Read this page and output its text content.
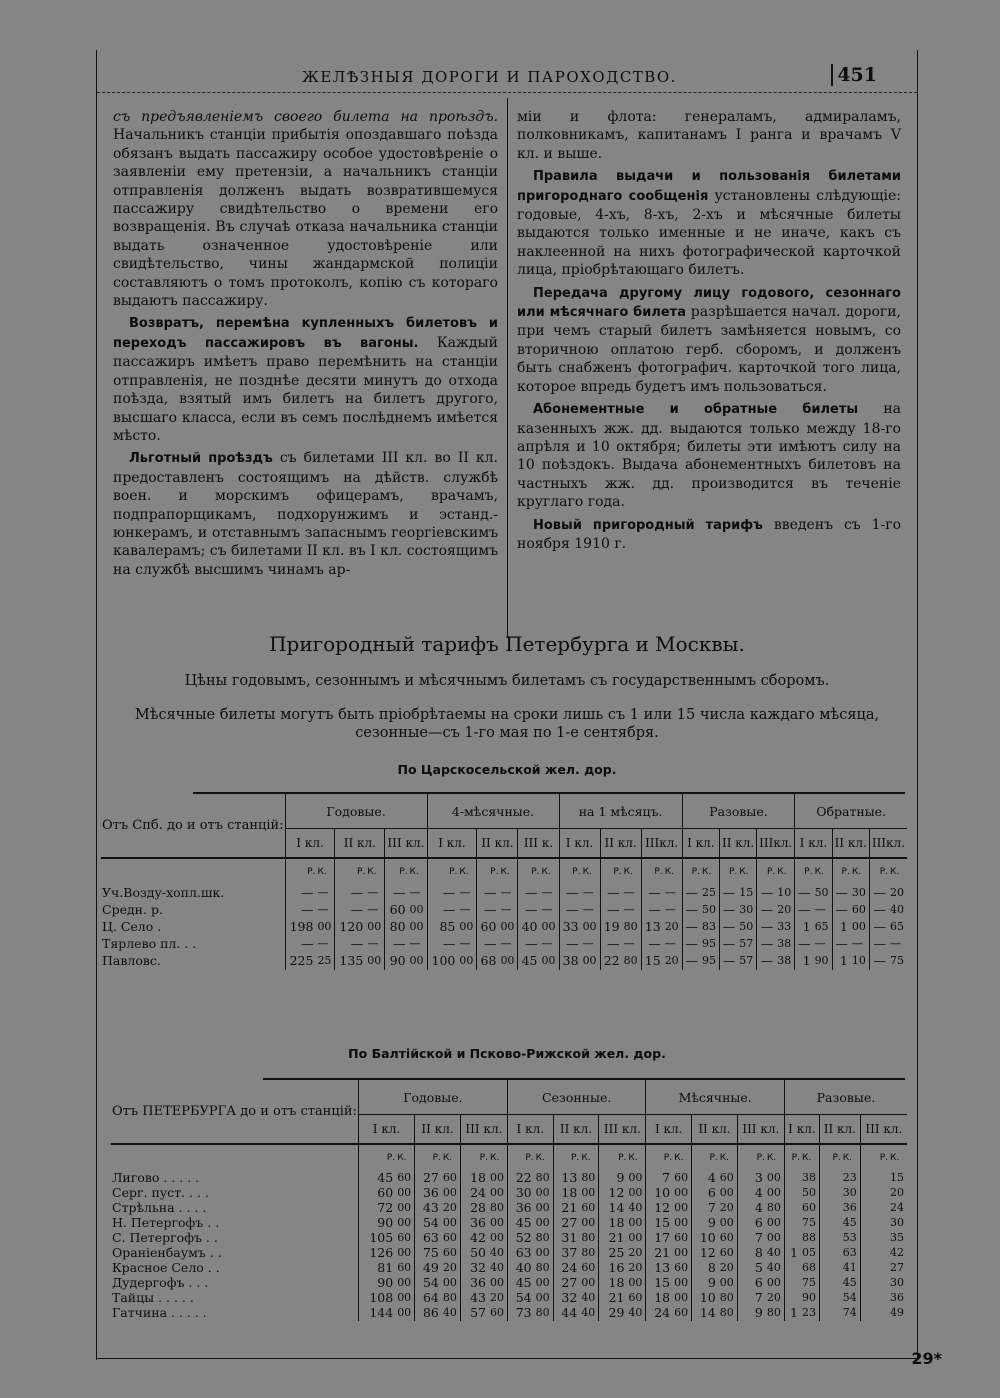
ЖЕЛѢЗНЫЯ ДОРОГИ И ПАРОХОДСТВО.	451

съ предъявленіемъ своего билета на проѣздъ. Начальникъ станціи прибытія опоздавшаго поѣзда обязанъ выдать пассажиру особое удостовѣреніе о заявленіи ему претензіи, а начальникъ станціи отправленія долженъ выдать возвратившемуся пассажиру свидѣтельство о времени его возвращенія. Въ случаѣ отказа начальника станціи выдать означенное удостовѣреніе или свидѣтельство, чины жандармской полиціи составляютъ о томъ протоколъ, копію съ котораго выдаютъ пассажиру.

Возвратъ, перемѣна купленныхъ билетовъ и переходъ пассажировъ въ вагоны. Каждый пассажиръ имѣетъ право перемѣнить на станціи отправленія, не позднѣе десяти минутъ до отхода поѣзда, взятый имъ билетъ на билетъ другого, высшаго класса, если въ семъ послѣднемъ имѣется мѣсто.

Льготный проѣздъ съ билетами III кл. во II кл. предоставленъ состоящимъ на дѣйств. службѣ воен. и морскимъ офицерамъ, врачамъ, подпрапорщикамъ, подхорунжимъ и эстанд.-юнкерамъ, и отставнымъ запаснымъ георгіевскимъ кавалерамъ; съ билетами II кл. въ I кл. состоящимъ на службѣ высшимъ чинамъ ар-

міи и флота: генераламъ, адмираламъ, полковникамъ, капитанамъ I ранга и врачамъ V кл. и выше.

Правила выдачи и пользованія билетами пригороднаго сообщенія установлены слѣдующіе: годовые, 4-хъ, 8-хъ, 2-хъ и мѣсячные билеты выдаются только именные и не иначе, какъ съ наклеенной на нихъ фотографической карточкой лица, пріобрѣтающаго билетъ.

Передача другому лицу годового, сезоннаго или мѣсячнаго билета разрѣшается начал. дороги, при чемъ старый билетъ замѣняется новымъ, со вторичною оплатою герб. сборомъ, и долженъ быть снабженъ фотографич. карточкой того лица, которое впредь будетъ имъ пользоваться.

Абонементные и обратные билеты на казенныхъ жж. дд. выдаются только между 18-го апрѣля и 10 октября; билеты эти имѣютъ силу на 10 поѣздокъ. Выдача абонементныхъ билетовъ на частныхъ жж. дд. производится въ теченіе круглаго года.

Новый пригородный тарифъ введенъ съ 1-го ноября 1910 г.

Пригородный тарифъ Петербурга и Москвы.
Цѣны годовымъ, сезоннымъ и мѣсячнымъ билетамъ съ государственнымъ сборомъ.
Мѣсячные билеты могутъ быть пріобрѣтаемы на сроки лишь съ 1 или 15 числа каждаго мѣсяца, сезонные—съ 1-го мая по 1-е сентября.
По Царскосельской жел. дор.
Отъ Спб. до и отъ станцій:	Годовые.						4-мѣсячные.						на 1 мѣсяцъ.						Разовые.						Обратные.					
	I кл.		II кл.		III кл.		I кл.		II кл.		III к.		I кл.		II кл.		IIIкл.		I кл.		II кл.		IIIкл.		I кл.		II кл.		IIIкл.	
	Р.	К.	Р.	К.	Р.	К.	Р.	К.	Р.	К.	Р.	К.	Р.	К.	Р.	К.	Р.	К.	Р.	К.	Р.	К.	Р.	К.	Р.	К.	Р.	К.	Р.	К.
Уч.Возду-хопл.шк.	—	—	—	—	—	—	—	—	—	—	—	—	—	—	—	—	—	—	—	25	—	15	—	10	—	50	—	30	—	20
Средн. р.	—	—	—	—	60	00	—	—	—	—	—	—	—	—	—	—	—	—	—	50	—	30	—	20	—	—	—	60	—	40
Ц. Село .	198	00	120	00	80	00	85	00	60	00	40	00	33	00	19	80	13	20	—	83	—	50	—	33	1	65	1	00	—	65
Тярлево пл. . .	—	—	—	—	—	—	—	—	—	—	—	—	—	—	—	—	—	—	—	95	—	57	—	38	—	—	—	—	—	—
Павловс.	225	25	135	00	90	00	100	00	68	00	45	00	38	00	22	80	15	20	—	95	—	57	—	38	1	90	1	10	—	75
По Балтійской и Псково-Рижской жел. дор.
Отъ ПЕТЕРБУРГА до и отъ станцій:	Годовые.						Сезонные.						Мѣсячные.						Разовые.					
	I кл.		II кл.		III кл.		I кл.		II кл.		III кл.		I кл.		II кл.		III кл.		I кл.		II кл.		III кл.	
	Р.	К.	Р.	К.	Р.	К.	Р.	К.	Р.	К.	Р.	К.	Р.	К.	Р.	К.	Р.	К.	Р.	К.	Р.	К.	Р.	К.
Лигово . . . . .	45	60	27	60	18	00	22	80	13	80	9	00	7	60	4	60	3	00		38		23		15
Серг. пуст. . . .	60	00	36	00	24	00	30	00	18	00	12	00	10	00	6	00	4	00		50		30		20
Стрѣльна . . . .	72	00	43	20	28	80	36	00	21	60	14	40	12	00	7	20	4	80		60		36		24
Н. Петергофъ . .	90	00	54	00	36	00	45	00	27	00	18	00	15	00	9	00	6	00		75		45		30
С. Петергофъ . .	105	60	63	60	42	00	52	80	31	80	21	00	17	60	10	60	7	00		88		53		35
Ораніенбаумъ . .	126	00	75	60	50	40	63	00	37	80	25	20	21	00	12	60	8	40	1	05		63		42
Красное Село . .	81	60	49	20	32	40	40	80	24	60	16	20	13	60	8	20	5	40		68		41		27
Дудергофъ . . .	90	00	54	00	36	00	45	00	27	00	18	00	15	00	9	00	6	00		75		45		30
Тайцы . . . . .	108	00	64	80	43	20	54	00	32	40	21	60	18	00	10	80	7	20		90		54		36
Гатчина . . . . .	144	00	86	40	57	60	73	80	44	40	29	40	24	60	14	80	9	80	1	23		74		49
29*
